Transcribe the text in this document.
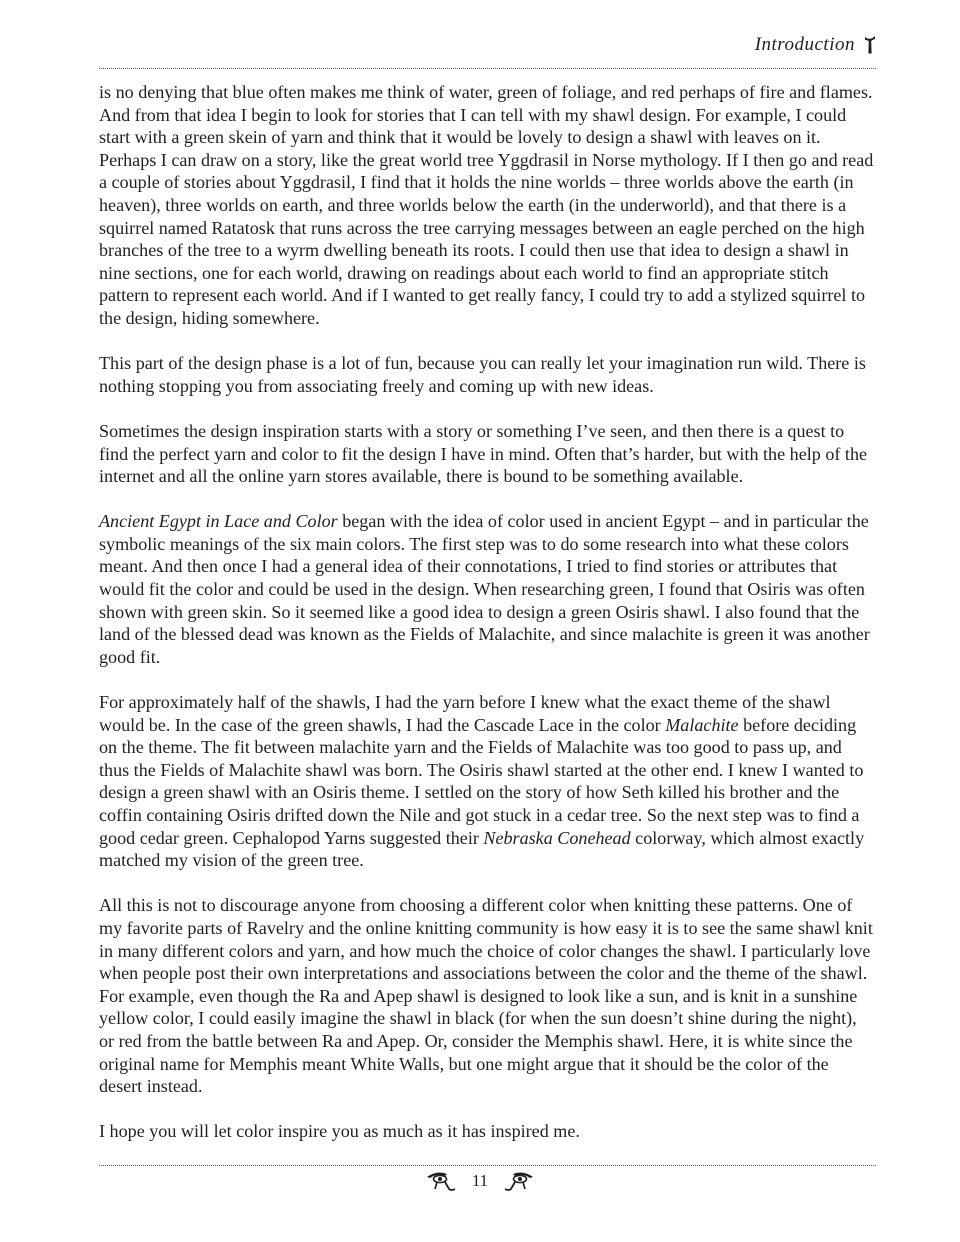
Introduction

is no denying that blue often makes me think of water, green of foliage, and red perhaps of fire and flames. And from that idea I begin to look for stories that I can tell with my shawl design. For example, I could start with a green skein of yarn and think that it would be lovely to design a shawl with leaves on it. Perhaps I can draw on a story, like the great world tree Yggdrasil in Norse mythology. If I then go and read a couple of stories about Yggdrasil, I find that it holds the nine worlds – three worlds above the earth (in heaven), three worlds on earth, and three worlds below the earth (in the underworld), and that there is a squirrel named Ratatosk that runs across the tree carrying messages between an eagle perched on the high branches of the tree to a wyrm dwelling beneath its roots. I could then use that idea to design a shawl in nine sections, one for each world, drawing on readings about each world to find an appropriate stitch pattern to represent each world. And if I wanted to get really fancy, I could try to add a stylized squirrel to the design, hiding somewhere.

This part of the design phase is a lot of fun, because you can really let your imagination run wild. There is nothing stopping you from associating freely and coming up with new ideas.

Sometimes the design inspiration starts with a story or something I’ve seen, and then there is a quest to find the perfect yarn and color to fit the design I have in mind. Often that’s harder, but with the help of the internet and all the online yarn stores available, there is bound to be something available.

Ancient Egypt in Lace and Color began with the idea of color used in ancient Egypt – and in particular the symbolic meanings of the six main colors. The first step was to do some research into what these colors meant. And then once I had a general idea of their connotations, I tried to find stories or attributes that would fit the color and could be used in the design. When researching green, I found that Osiris was often shown with green skin. So it seemed like a good idea to design a green Osiris shawl. I also found that the land of the blessed dead was known as the Fields of Malachite, and since malachite is green it was another good fit.

For approximately half of the shawls, I had the yarn before I knew what the exact theme of the shawl would be. In the case of the green shawls, I had the Cascade Lace in the color Malachite before deciding on the theme. The fit between malachite yarn and the Fields of Malachite was too good to pass up, and thus the Fields of Malachite shawl was born. The Osiris shawl started at the other end. I knew I wanted to design a green shawl with an Osiris theme. I settled on the story of how Seth killed his brother and the coffin containing Osiris drifted down the Nile and got stuck in a cedar tree. So the next step was to find a good cedar green. Cephalopod Yarns suggested their Nebraska Conehead colorway, which almost exactly matched my vision of the green tree.

All this is not to discourage anyone from choosing a different color when knitting these patterns. One of my favorite parts of Ravelry and the online knitting community is how easy it is to see the same shawl knit in many different colors and yarn, and how much the choice of color changes the shawl. I particularly love when people post their own interpretations and associations between the color and the theme of the shawl. For example, even though the Ra and Apep shawl is designed to look like a sun, and is knit in a sunshine yellow color, I could easily imagine the shawl in black (for when the sun doesn’t shine during the night), or red from the battle between Ra and Apep. Or, consider the Memphis shawl. Here, it is white since the original name for Memphis meant White Walls, but one might argue that it should be the color of the desert instead.

I hope you will let color inspire you as much as it has inspired me.

11
